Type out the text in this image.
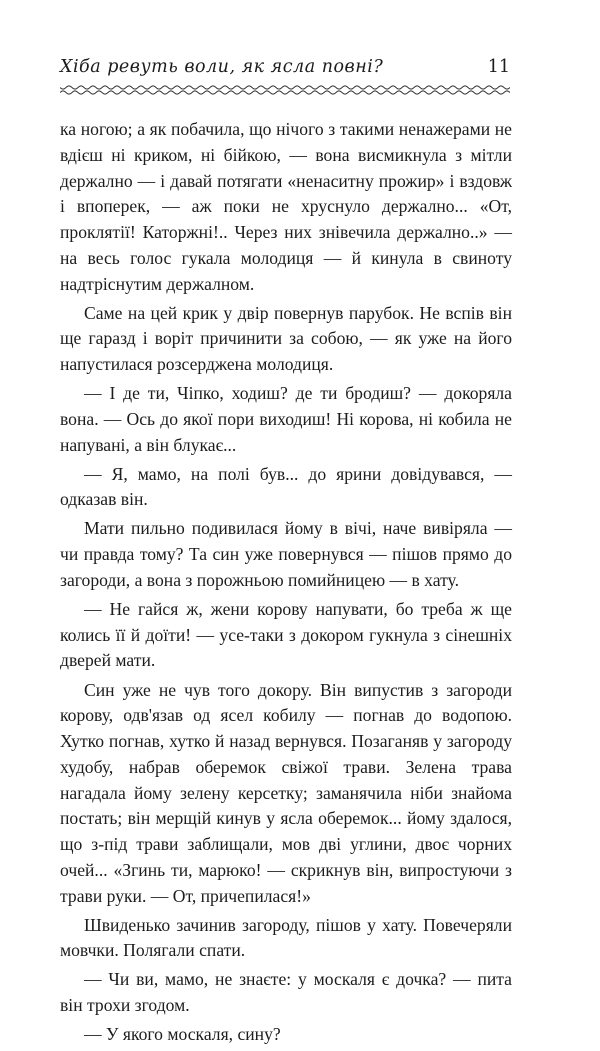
Хіба ревуть воли, як ясла повні?	11

ка ногою; а як побачила, що нічого з такими ненажерами не вдієш ні криком, ні бійкою, — вона висмикнула з мітли держално — і давай потягати «ненаситну прожир» і вздовж і впоперек, — аж поки не хруснуло держално... «От, проклятії! Каторжні!.. Через них знівечила держално..» — на весь голос гукала молодиця — й кинула в свиноту надтріснутим держалном.

Саме на цей крик у двір повернув парубок. Не вспів він ще гаразд і воріт причинити за собою, — як уже на його напустилася розсерджена молодиця.

— І де ти, Чіпко, ходиш? де ти бродиш? — докоряла вона. — Ось до якої пори виходиш! Ні корова, ні кобила не напувані, а він блукає...

— Я, мамо, на полі був... до ярини довідувався, — одказав він.

Мати пильно подивилася йому в вічі, наче вивіряла — чи правда тому? Та син уже повернувся — пішов прямо до загороди, а вона з порожньою помийницею — в хату.

— Не гайся ж, жени корову напувати, бо треба ж ще колись її й доїти! — усе-таки з докором гукнула з сінешніх дверей мати.

Син уже не чув того докору. Він випустив з загороди корову, одв'язав од ясел кобилу — погнав до водопою. Хутко погнав, хутко й назад вернувся. Позаганяв у загороду худобу, набрав оберемок свіжої трави. Зелена трава нагадала йому зелену керсетку; заманячила ніби знайома постать; він мерщій кинув у ясла оберемок... йому здалося, що з-під трави заблищали, мов дві углини, двоє чорних очей... «Згинь ти, марюко! — скрикнув він, випростуючи з трави руки. — От, причепилася!»

Швиденько зачинив загороду, пішов у хату. Повечеряли мовчки. Полягали спати.

— Чи ви, мамо, не знаєте: у москаля є дочка? — пита він трохи згодом.

— У якого москаля, сину?
